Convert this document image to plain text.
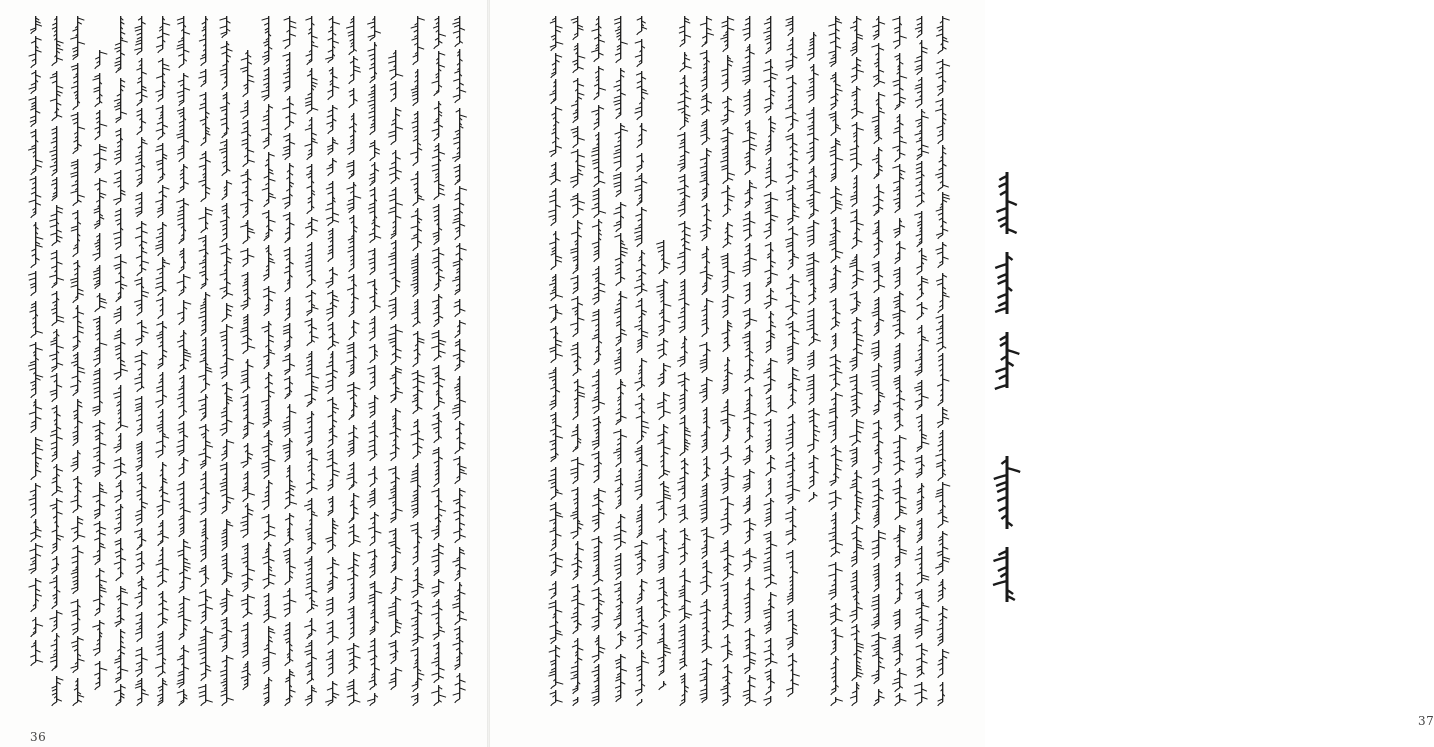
36
37
